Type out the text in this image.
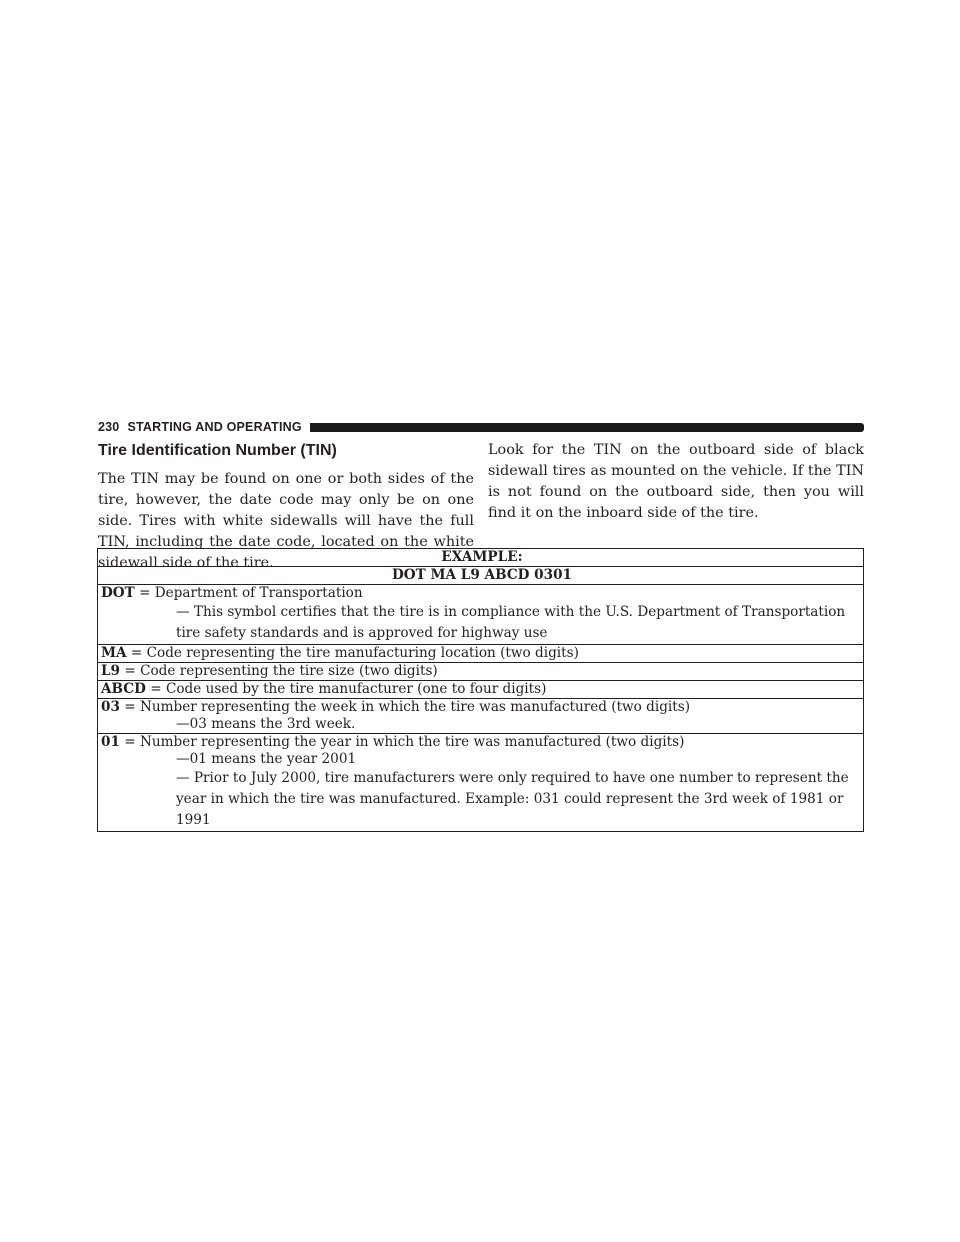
230 STARTING AND OPERATING
Tire Identification Number (TIN)
The TIN may be found on one or both sides of the tire, however, the date code may only be on one side. Tires with white sidewalls will have the full TIN, including the date code, located on the white sidewall side of the tire.
Look for the TIN on the outboard side of black sidewall tires as mounted on the vehicle. If the TIN is not found on the outboard side, then you will find it on the inboard side of the tire.
EXAMPLE:
DOT MA L9 ABCD 0301

DOT = Department of Transportation
— This symbol certifies that the tire is in compliance with the U.S. Department of Transportation tire safety standards and is approved for highway use

MA = Code representing the tire manufacturing location (two digits)
L9 = Code representing the tire size (two digits)
ABCD = Code used by the tire manufacturer (one to four digits)

03 = Number representing the week in which the tire was manufactured (two digits)
—03 means the 3rd week.

01 = Number representing the year in which the tire was manufactured (two digits)
—01 means the year 2001
— Prior to July 2000, tire manufacturers were only required to have one number to represent the year in which the tire was manufactured. Example: 031 could represent the 3rd week of 1981 or 1991
